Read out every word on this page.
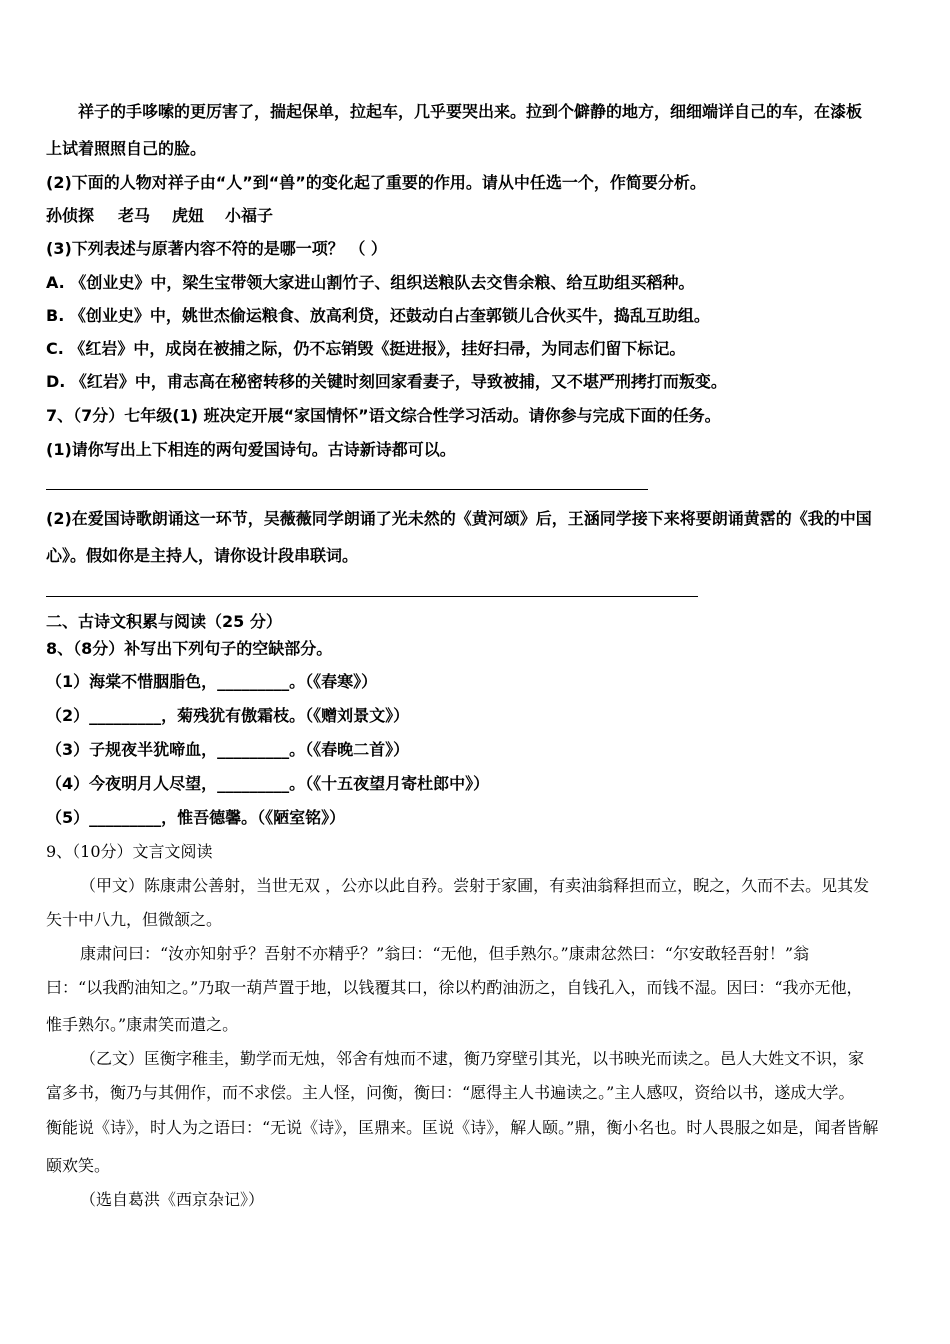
祥子的手哆嗦的更厉害了，揣起保单，拉起车，几乎要哭出来。拉到个僻静的地方，细细端详自己的车，在漆板
上试着照照自己的脸。
(2)下面的人物对祥子由“人”到“兽”的变化起了重要的作用。请从中任选一个，作简要分析。
孙侦探 老马 虎妞 小福子
(3)下列表述与原著内容不符的是哪一项？ （ ）
A. 《创业史》中，梁生宝带领大家进山割竹子、组织送粮队去交售余粮、给互助组买稻种。
B. 《创业史》中，姚世杰偷运粮食、放高利贷，还鼓动白占奎郭锁儿合伙买牛，捣乱互助组。
C. 《红岩》中，成岗在被捕之际，仍不忘销毁《挺进报》，挂好扫帚，为同志们留下标记。
D. 《红岩》中，甫志高在秘密转移的关键时刻回家看妻子，导致被捕，又不堪严刑拷打而叛变。
7、（7分）七年级(1) 班决定开展“家国情怀”语文综合性学习活动。请你参与完成下面的任务。
(1)请你写出上下相连的两句爱国诗句。古诗新诗都可以。
(2)在爱国诗歌朗诵这一环节，吴薇薇同学朗诵了光未然的《黄河颂》后，王涵同学接下来将要朗诵黄霑的《我的中国
心》。假如你是主持人，请你设计段串联词。
二、古诗文积累与阅读（25 分）
8、（8分）补写出下列句子的空缺部分。
（1）海棠不惜胭脂色，_________。（《春寒》）
（2）_________，菊残犹有傲霜枝。（《赠刘景文》）
（3）子规夜半犹啼血，_________。（《春晚二首》）
（4）今夜明月人尽望，_________。（《十五夜望月寄杜郎中》）
（5）_________，惟吾德馨。（《陋室铭》）
9、（10分）文言文阅读
（甲文）陈康肃公善射，当世无双 ，公亦以此自矜。尝射于家圃，有卖油翁释担而立，睨之，久而不去。见其发
矢十中八九，但微颔之。
康肃问曰：“汝亦知射乎？吾射不亦精乎？”翁曰：“无他，但手熟尔。”康肃忿然曰：“尔安敢轻吾射！”翁
曰：“以我酌油知之。”乃取一葫芦置于地，以钱覆其口，徐以杓酌油沥之，自钱孔入，而钱不湿。因曰：“我亦无他，
惟手熟尔。”康肃笑而遣之。
（乙文）匡衡字稚圭，勤学而无烛，邻舍有烛而不逮，衡乃穿壁引其光，以书映光而读之。邑人大姓文不识，家
富多书，衡乃与其佣作，而不求偿。主人怪，问衡，衡曰：“愿得主人书遍读之。”主人感叹，资给以书，遂成大学。
衡能说《诗》，时人为之语曰：“无说《诗》，匡鼎来。匡说《诗》，解人颐。”鼎，衡小名也。时人畏服之如是，闻者皆解
颐欢笑。
（选自葛洪《西京杂记》）
